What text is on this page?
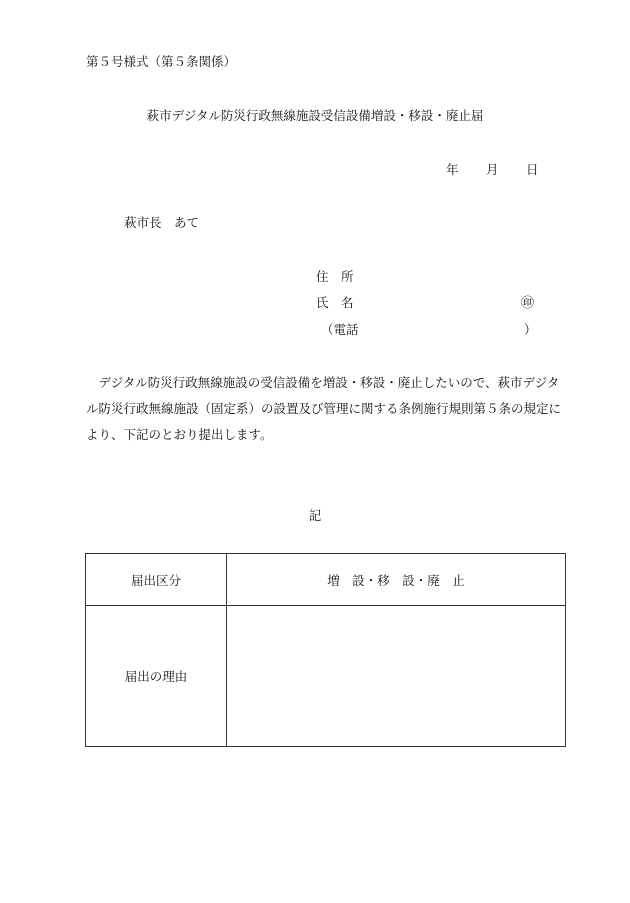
第５号様式（第５条関係）
萩市デジタル防災行政無線施設受信設備増設・移設・廃止届
年 月 日
萩市長　あて
住　所
氏　名	㊞
（電話	）
デジタル防災行政無線施設の受信設備を増設・移設・廃止したいので、萩市デジタル防災行政無線施設（固定系）の設置及び管理に関する条例施行規則第５条の規定により、下記のとおり提出します。
記
届出区分	増　設・移　設・廃　止
届出の理由	
